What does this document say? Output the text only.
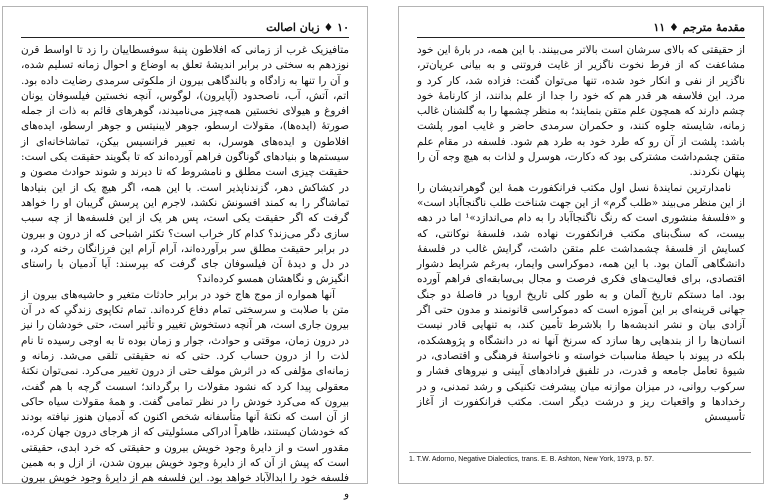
۱۰ ♦ زبان اصالت

متافیزیک غرب از زمانی که افلاطون پنبهٔ سوفسطاییان را زد تا اواسط قرن نوزدهم به سختی در برابر اندیشهٔ تعلق به اوضاع و احوال زمانه تسلیم شده، و آن را تنها به زادگاه و بالندگاهی بیرون از ملکوتی سرمدی رضایت داده بود. اتم، آتش، آب، ناصحدود (آپایرون)، لوگوس، آنچه نخستین فیلسوفان یونان افروغ و هیولای نخستین همه‌چیز می‌نامیدند، گوهرهای قائم به ذات از جمله صورتهٔ (ایده‌ها)، مقولات ارسطو، جوهر لایبنیتس و جوهر ارسطو، ایده‌های افلاطون و ایده‌های هوسرل، به تعبیر فرانسیس بیکن، تماشاخانه‌ای از سیستم‌ها و بنیادهای گوناگون فراهم آورده‌اند که تا بگویند حقیقت یکی است: حقیقت چیزی است مطلق و نامشروط که تا دیرند و شوند حوادث مصون و در کشاکش دهر، گزندناپذیر است. با این همه، اگر هیچ یک از این بنیادها تماشاگر را به کمند افسونش نکشد، لاجرم این پرسش گریبان او را خواهد گرفت که اگر حقیقت یکی است، پس هر یک از این فلسفه‌ها از چه سبب سازی دگر می‌زند؟ کدام کار خراب است؟ تکثر اشباحی که از درون و بیرون در برابر حقیقت مطلق سر برآورده‌اند، آرام آرام این فرزانگان رخنه کرد، و در دل و دیدهٔ آن فیلسوفان جای گرفت که بپرسند: آیا آدمیان با راستای انگیزش و نگاهشان همسو کرده‌اند؟

آنها همواره از موج هاج خود در برابر حادثات متغیر و حاشیه‌های بیرون از متن با صلابت و سرسختی تمام دفاع کرده‌اند. تمام تکاپوی زندگیِ که در آن بیرون جاری است، هر آنچه دستخوش تغییر و تأثیر است، حتی خودشان را نیز در درون زمان، موقتی و حوادث، جوار و زمان بوده تا به اوجی رسیده تا نام لذت را از درون حساب کرد. حتی که نه حقیقتی تلقی می‌شد. زمانه و زمانه‌ای مؤلفی که در اثرش مولف حتی از درون تغییر می‌کرد. نمی‌توان نکتهٔ معقولی پیدا کرد که نشود مقولات را برگرداند؛ اسست گرچه با هم گفت، بیرون که می‌کرد خودش را در نظر تمامی گفت. و همهٔ مقولات سیاه حاکی از آن است که نکتهٔ آنها متأسفانه شخص اکنون که آدمیان هنوز نیافته بودند که خودشان کیستند، ظاهراً ادراکی مسئولیتی که از هرجای درون جهان کرده، مقدور است و از دایرهٔ وجود خویش بیرون و حقیقتی که خرد ابدی، حقیقتی است که پیش از آن که از دایرهٔ وجود خویش بیرون شدن، از ازل و به همین فلسفه خود را ابدالآباد خواهد بود. این فلسفه هم از دایرهٔ وجود خویش بیرون و

مقدمهٔ مترجم ♦ ۱۱

از حقیقتی که بالای سرشان است بالاتر می‌بینند. با این همه، در بارهٔ این خود مشاعفت که از فرط نخوت ناگزیر از غایت فروتنی و به بیانی عریان‌تر، ناگزیر از نفی و انکار خود شده، تنها می‌توان گفت: فزاده شد، کار کرد و مرد. این فلاسفه هر قدر هم که خود را جدا از علم بدانند، از کارنامهٔ خود چشم دارند که همچون علم متقن بنمایند؛ به منظر چشمها را به گلشنان غالب زمانه، شایسته جلوه کنند، و حکمران سرمدی حاضر و غایب امور پلشت باشد: پلشت از آن رو که طرد خود به طرد هم شود. فلسفه در مقام علم متقن چشم‌داشت مشترکی بود که دکارت، هوسرل و لذات به هیچ وجه آن را پنهان نکردند.

نامدارترین نمایندهٔ نسل اول مکتب فرانکفورت همهٔ این گوهراندیشان را از این منظر می‌بیند «طلب گرم» از این جهت شناخت طلب ناگنجاآباد است» و «فلسفهٔ منشوری است که رنگ ناگنجاآباد را به دام می‌اندازد»¹ اما در دهه بیست، که سنگ‌بنای مکتب فرانکفورت نهاده شد، فلسفهٔ نوکانتی، که کسایش از فلسفهٔ چشمداشت علم متقن داشت، گرایش غالب در فلسفهٔ دانشگاهی آلمان بود. با این همه، دموکراسی وایمار، به‌رغم شرایط دشوار اقتصادی، برای فعالیت‌های فکری فرصت و مجال بی‌سابقه‌ای فراهم آورده بود. اما دستکم تاریخ آلمان و به طور کلی تاریخ اروپا در فاصلهٔ دو جنگ جهانی قرینه‌ای بر این آموزه است که دموکراسی قانونمند و مدون حتی اگر آزادی بیان و نشر اندیشه‌ها را بلاشرط تأمین کند، به تنهایی قادر نیست انسان‌ها را از بندهایی رها سازد که سرنخ آنها نه در دانشگاه و پژوهشکده، بلکه در پیوند با حیطهٔ مناسبات خواسته و ناخواستهٔ فرهنگی و اقتصادی، در شیوهٔ تعامل جامعه و قدرت، در تلفیق فرادادهای آیینی و نیروهای فشار و سرکوب روانی، در میزان موازنه میان پیشرفت تکنیکی و رشد تمدنی، و در رخدادها و واقعیات ریز و درشت دیگر است. مکتب فرانکفورت از آغاز تأسیسش

1. T.W. Adorno, Negative Dialectics, trans. E. B. Ashton, New York, 1973, p. 57.
